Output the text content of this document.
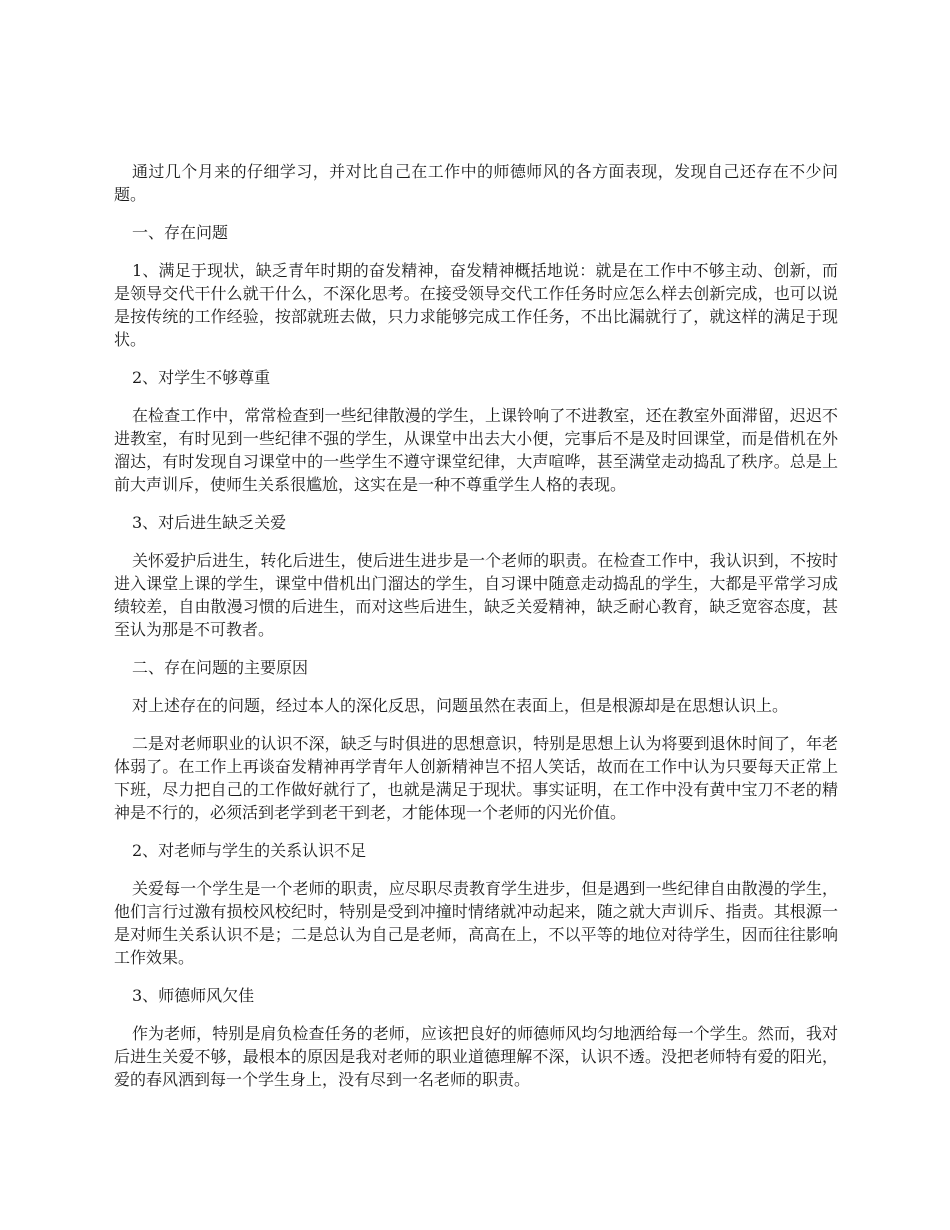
通过几个月来的仔细学习，并对比自己在工作中的师德师风的各方面表现，发现自己还存在不少问题。

一、存在问题

1、满足于现状，缺乏青年时期的奋发精神，奋发精神概括地说：就是在工作中不够主动、创新，而是领导交代干什么就干什么，不深化思考。在接受领导交代工作任务时应怎么样去创新完成，也可以说是按传统的工作经验，按部就班去做，只力求能够完成工作任务，不出比漏就行了，就这样的满足于现状。

2、对学生不够尊重

在检查工作中，常常检查到一些纪律散漫的学生，上课铃响了不进教室，还在教室外面滞留，迟迟不进教室，有时见到一些纪律不强的学生，从课堂中出去大小便，完事后不是及时回课堂，而是借机在外溜达，有时发现自习课堂中的一些学生不遵守课堂纪律，大声喧哗，甚至满堂走动捣乱了秩序。总是上前大声训斥，使师生关系很尴尬，这实在是一种不尊重学生人格的表现。

3、对后进生缺乏关爱

关怀爱护后进生，转化后进生，使后进生进步是一个老师的职责。在检查工作中，我认识到，不按时进入课堂上课的学生，课堂中借机出门溜达的学生，自习课中随意走动捣乱的学生，大都是平常学习成绩较差，自由散漫习惯的后进生，而对这些后进生，缺乏关爱精神，缺乏耐心教育，缺乏宽容态度，甚至认为那是不可教者。

二、存在问题的主要原因

对上述存在的问题，经过本人的深化反思，问题虽然在表面上，但是根源却是在思想认识上。

二是对老师职业的认识不深，缺乏与时俱进的思想意识，特别是思想上认为将要到退休时间了，年老体弱了。在工作上再谈奋发精神再学青年人创新精神岂不招人笑话，故而在工作中认为只要每天正常上下班，尽力把自己的工作做好就行了，也就是满足于现状。事实证明，在工作中没有黄中宝刀不老的精神是不行的，必须活到老学到老干到老，才能体现一个老师的闪光价值。

2、对老师与学生的关系认识不足

关爱每一个学生是一个老师的职责，应尽职尽责教育学生进步，但是遇到一些纪律自由散漫的学生，他们言行过激有损校风校纪时，特别是受到冲撞时情绪就冲动起来，随之就大声训斥、指责。其根源一是对师生关系认识不是；二是总认为自己是老师，高高在上，不以平等的地位对待学生，因而往往影响工作效果。

3、师德师风欠佳

作为老师，特别是肩负检查任务的老师，应该把良好的师德师风均匀地洒给每一个学生。然而，我对后进生关爱不够，最根本的原因是我对老师的职业道德理解不深，认识不透。没把老师特有爱的阳光，爱的春风洒到每一个学生身上，没有尽到一名老师的职责。
